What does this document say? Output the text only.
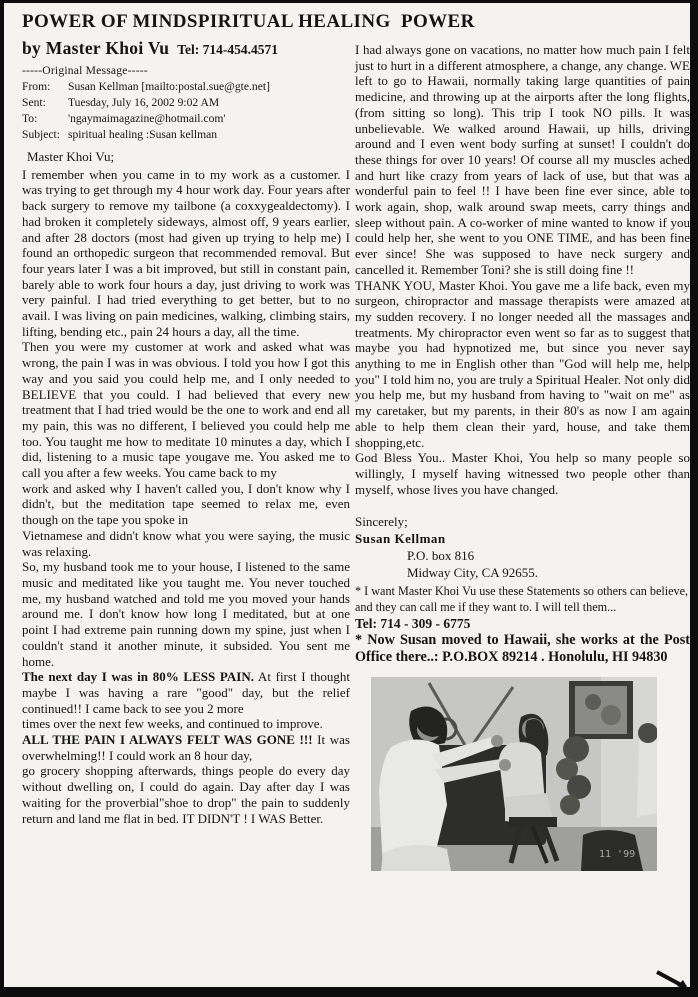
POWER OF MINDSPIRITUAL HEALING  POWER
by Master Khoi Vu Tel: 714-454.4571
-----Original Message-----
From:	Susan Kellman [mailto:postal.sue@gte.net]
Sent:	Tuesday, July 16, 2002 9:02 AM
To:	'ngaymaimagazine@hotmail.com'
Subject: spiritual healing :Susan kellman

Master Khoi Vu;

I remember when you came in to my work as a customer. I was trying to get through my 4 hour work day. Four years after back surgery to remove my tailbone (a coxxygealdectomy). I had broken it completely sideways, almost off, 9 years earlier, and after 28 doctors (most had given up trying to help me) I found an orthopedic surgeon that recommended removal. But four years later I was a bit improved, but still in constant pain, barely able to work four hours a day, just driving to work was very painful. I had tried everything to get better, but to no avail. I was living on pain medicines, walking, climbing stairs, lifting, bending etc., pain 24 hours a day, all the time.

Then you were my customer at work and asked what was wrong, the pain I was in was obvious. I told you how I got this way and you said you could help me, and I only needed to BELIEVE that you could. I had believed that every new treatment that I had tried would be the one to work and end all my pain, this was no different, I believed you could help me too. You taught me how to meditate 10 minutes a day, which I did, listening to a music tape yougave me. You asked me to call you after a few weeks. You came back to my

work and asked why I haven't called you, I don't know why I didn't, but the meditation tape seemed to relax me, even though on the tape you spoke in

Vietnamese and didn't know what you were saying, the music was relaxing.

So, my husband took me to your house, I listened to the same music and meditated like you taught me. You never touched me, my husband watched and told me you moved your hands around me. I don't know how long I meditated, but at one point I had extreme pain running down my spine, just when I couldn't stand it another minute, it subsided. You sent me home.

The next day I was in 80% LESS PAIN. At first I thought maybe I was having a rare "good" day, but the relief continued!! I came back to see you 2 more

times over the next few weeks, and continued to improve.

ALL THE PAIN I ALWAYS FELT WAS GONE !!! It was overwhelming!! I could work an 8 hour day,

go grocery shopping afterwards, things people do every day without dwelling on, I could do again. Day after day I was waiting for the proverbial"shoe to drop" the pain to suddenly return and land me flat in bed. IT DIDN'T ! I WAS Better.

I had always gone on vacations, no matter how much pain I felt just to hurt in a different atmosphere, a change, any change. WE left to go to Hawaii, normally taking large quantities of pain medicine, and throwing up at the airports after the long flights, (from sitting so long). This trip I took NO pills. It was unbelievable. We walked around Hawaii, up hills, driving around and I even went body surfing at sunset! I couldn't do these things for over 10 years! Of course all my muscles ached and hurt like crazy from years of lack of use, but that was a wonderful pain to feel !! I have been fine ever since, able to work again, shop, walk around swap meets, carry things and sleep without pain. A co-worker of mine wanted to know if you could help her, she went to you ONE TIME, and has been fine ever since! She was supposed to have neck surgery and cancelled it. Remember Toni? she is still doing fine !!

THANK YOU, Master Khoi. You gave me a life back, even my surgeon, chiropractor and massage therapists were amazed at my sudden recovery. I no longer needed all the massages and treatments. My chiropractor even went so far as to suggest that maybe you had hypnotized me, but since you never say anything to me in English other than "God will help me, help you" I told him no, you are truly a Spiritual Healer. Not only did you help me, but my husband from having to "wait on me" as my caretaker, but my parents, in their 80's as now I am again able to help them clean their yard, house, and take them shopping,etc.

God Bless You.. Master Khoi, You help so many people so willingly, I myself having witnessed two people other than myself, whose lives you have changed.

Sincerely;
Susan Kellman
P.O. box 816
Midway City, CA 92655.
* I want Master Khoi Vu use these Statements so others can believe, and they can call me if they want to. I will tell them...
Tel: 714 - 309 - 6775
* Now Susan moved to Hawaii, she works at the Post Office there..: P.O.BOX 89214 . Honolulu, HI 94830
11 '99
